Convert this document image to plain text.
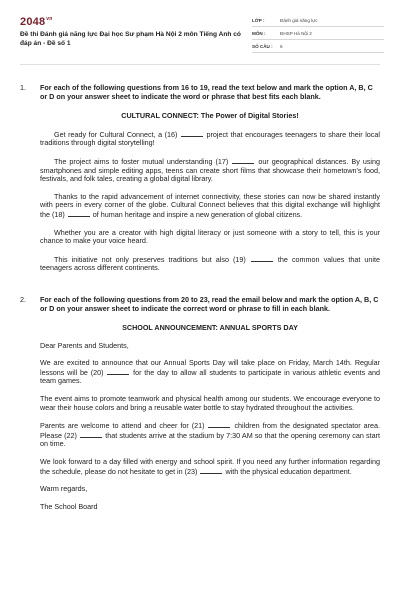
$2048^{vn}$
Đề thi Đánh giá năng lực Đại học Sư phạm Hà Nội 2 môn Tiếng Anh có đáp án - Đề số 1
LỚP :	Đánh giá năng lực
MÔN :	ĐHSP Hà Nội 2
SỐ CÂU :	6
1.	For each of the following questions from 16 to 19, read the text below and mark the option A, B, C or D on your answer sheet to indicate the word or phrase that best fits each blank.

CULTURAL CONNECT: The Power of Digital Stories!

Get ready for Cultural Connect, a (16)	project that encourages teenagers to share their local traditions through digital storytelling!

The project aims to foster mutual understanding (17)	our geographical distances. By using smartphones and simple editing apps, teens can create short films that showcase their hometown's food, festivals, and folk tales, creating a global digital library.

Thanks to the rapid advancement of internet connectivity, these stories can now be shared instantly with peers in every corner of the globe. Cultural Connect believes that this digital exchange will highlight the (18)	of human heritage and inspire a new generation of global citizens.

Whether you are a creator with high digital literacy or just someone with a story to tell, this is your chance to make your voice heard.

This initiative not only preserves traditions but also (19)	the common values that unite teenagers across different continents.

2.	For each of the following questions from 20 to 23, read the email below and mark the option A, B, C or D on your answer sheet to indicate the correct word or phrase to fill in each blank.

SCHOOL ANNOUNCEMENT: ANNUAL SPORTS DAY

Dear Parents and Students,

We are excited to announce that our Annual Sports Day will take place on Friday, March 14th. Regular lessons will be (20)	for the day to allow all students to participate in various athletic events and team games.

The event aims to promote teamwork and physical health among our students. We encourage everyone to wear their house colors and bring a reusable water bottle to stay hydrated throughout the activities.

Parents are welcome to attend and cheer for (21)	children from the designated spectator area. Please (22)	that students arrive at the stadium by 7:30 AM so that the opening ceremony can start on time.

We look forward to a day filled with energy and school spirit. If you need any further information regarding the schedule, please do not hesitate to get in (23)	with the physical education department.

Warm regards,

The School Board
